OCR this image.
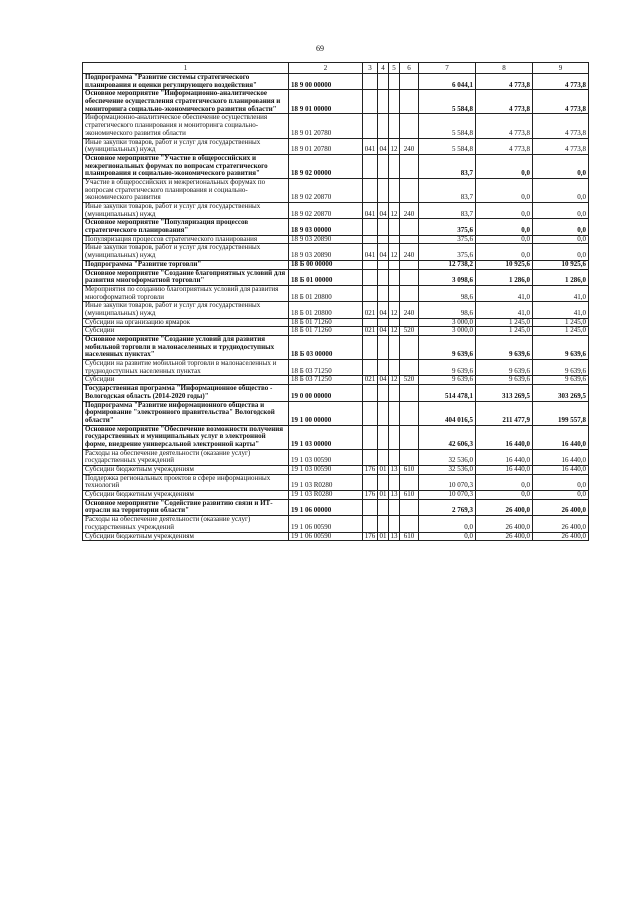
69
1	2	3	4	5	6	7	8	9
Подпрограмма "Развитие системы стратегического планирования и оценки регулирующего воздействия"	18 9 00 00000					6 044,1	4 773,8	4 773,8
Основное мероприятие "Информационно-аналитическое обеспечение осуществления стратегического планирования и мониторинга социально-экономического развития области"	18 9 01 00000					5 584,8	4 773,8	4 773,8
Информационно-аналитическое обеспечение осуществления стратегического планирования и мониторинга социально-экономического развития области	18 9 01 20780					5 584,8	4 773,8	4 773,8
Иные закупки товаров, работ и услуг для государственных (муниципальных) нужд	18 9 01 20780	041	04	12	240	5 584,8	4 773,8	4 773,8
Основное мероприятие "Участие в общероссийских и межрегиональных форумах по вопросам стратегического планирования и социально-экономического развития"	18 9 02 00000					83,7	0,0	0,0
Участие в общероссийских и межрегиональных форумах по вопросам стратегического планирования и социально-экономического развития	18 9 02 20870					83,7	0,0	0,0
Иные закупки товаров, работ и услуг для государственных (муниципальных) нужд	18 9 02 20870	041	04	12	240	83,7	0,0	0,0
Основное мероприятие "Популяризация процессов стратегического планирования"	18 9 03 00000					375,6	0,0	0,0
Популяризация процессов стратегического планирования	18 9 03 20890					375,6	0,0	0,0
Иные закупки товаров, работ и услуг для государственных (муниципальных) нужд	18 9 03 20890	041	04	12	240	375,6	0,0	0,0
Подпрограмма "Развитие торговли"	18 Б 00 00000					12 738,2	10 925,6	10 925,6
Основное мероприятие "Создание благоприятных условий для развития многоформатной торговли"	18 Б 01 00000					3 098,6	1 286,0	1 286,0
Мероприятия по созданию благоприятных условий для развития многоформатной торговли	18 Б 01 20800					98,6	41,0	41,0
Иные закупки товаров, работ и услуг для государственных (муниципальных) нужд	18 Б 01 20800	021	04	12	240	98,6	41,0	41,0
Субсидии на организацию ярмарок	18 Б 01 71260					3 000,0	1 245,0	1 245,0
Субсидии	18 Б 01 71260	021	04	12	520	3 000,0	1 245,0	1 245,0
Основное мероприятие "Создание условий для развития мобильной торговли в малонаселенных и труднодоступных населенных пунктах"	18 Б 03 00000					9 639,6	9 639,6	9 639,6
Субсидии на развитие мобильной торговли в малонаселенных и труднодоступных населенных пунктах	18 Б 03 71250					9 639,6	9 639,6	9 639,6
Субсидии	18 Б 03 71250	021	04	12	520	9 639,6	9 639,6	9 639,6
Государственная программа "Информационное общество - Вологодская область (2014-2020 годы)"	19 0 00 00000					514 478,1	313 269,5	303 269,5
Подпрограмма "Развитие информационного общества и формирование "электронного правительства" Вологодской области"	19 1 00 00000					404 016,5	211 477,9	199 557,8
Основное мероприятие "Обеспечение возможности получения государственных и муниципальных услуг в электронной форме, внедрение универсальной электронной карты"	19 1 03 00000					42 606,3	16 440,0	16 440,0
Расходы на обеспечение деятельности (оказание услуг) государственных учреждений	19 1 03 00590					32 536,0	16 440,0	16 440,0
Субсидии бюджетным учреждениям	19 1 03 00590	176	01	13	610	32 536,0	16 440,0	16 440,0
Поддержка региональных проектов в сфере информационных технологий	19 1 03 R0280					10 070,3	0,0	0,0
Субсидии бюджетным учреждениям	19 1 03 R0280	176	01	13	610	10 070,3	0,0	0,0
Основное мероприятие "Содействие развитию связи и ИТ-отрасли на территории области"	19 1 06 00000					2 769,3	26 400,0	26 400,0
Расходы на обеспечение деятельности (оказание услуг) государственных учреждений	19 1 06 00590					0,0	26 400,0	26 400,0
Субсидии бюджетным учреждениям	19 1 06 00590	176	01	13	610	0,0	26 400,0	26 400,0
